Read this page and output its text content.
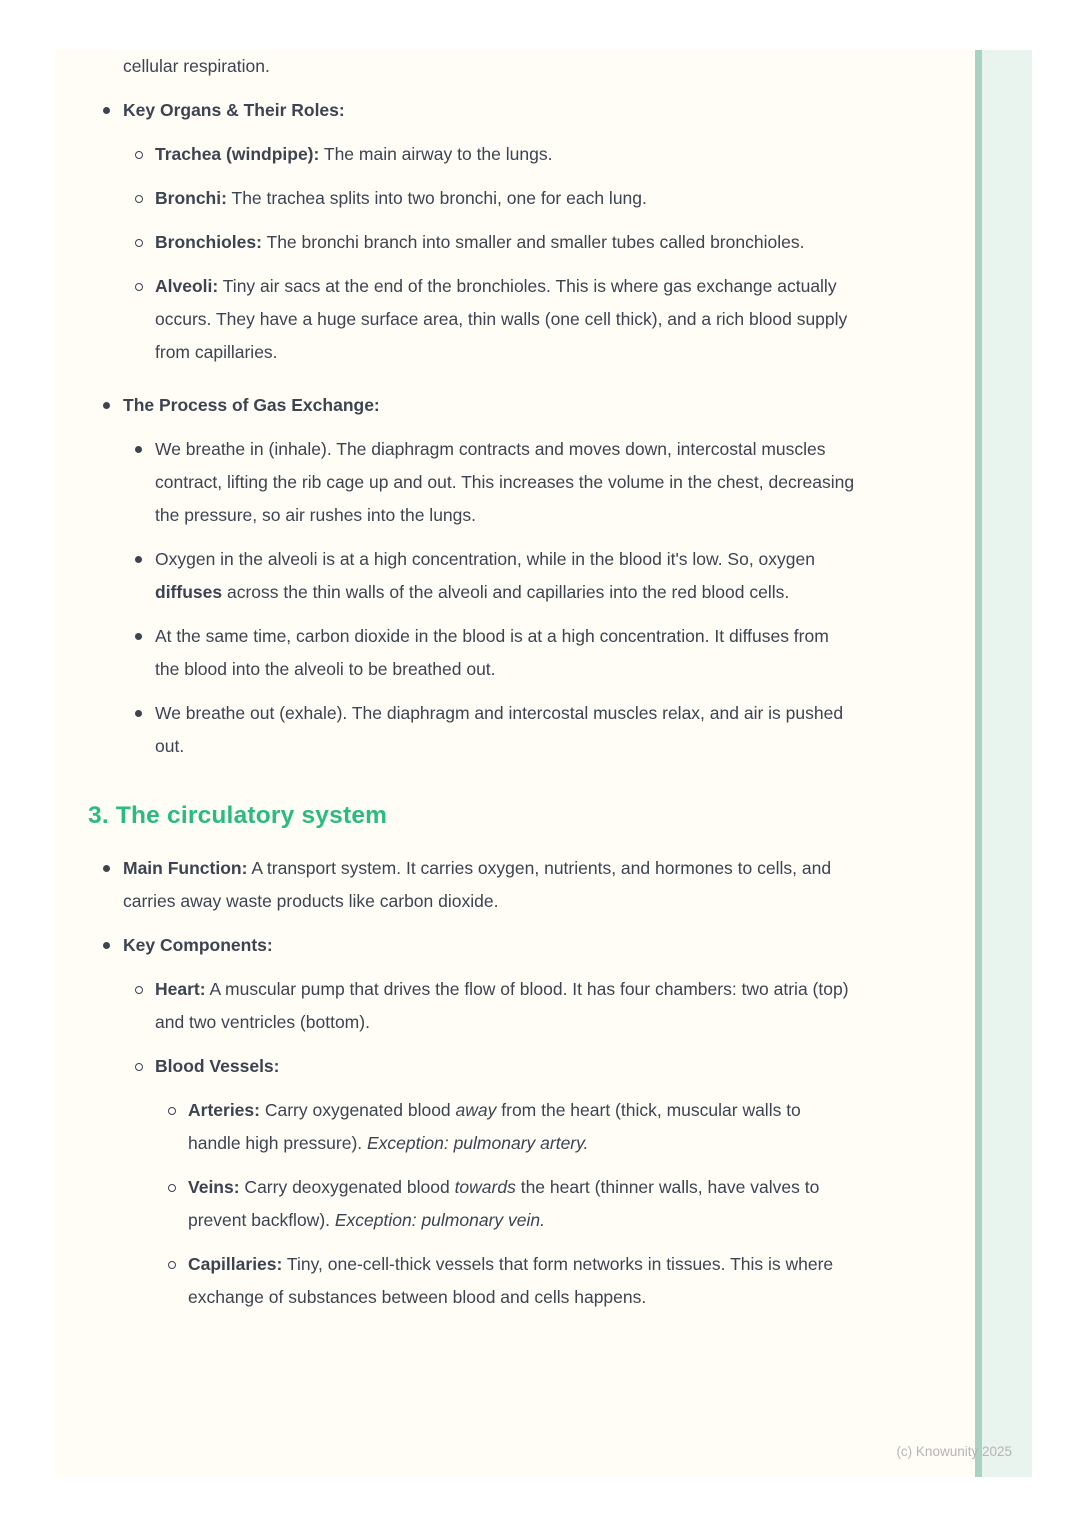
cellular respiration.
Key Organs & Their Roles:
Trachea (windpipe): The main airway to the lungs.
Bronchi: The trachea splits into two bronchi, one for each lung.
Bronchioles: The bronchi branch into smaller and smaller tubes called bronchioles.
Alveoli: Tiny air sacs at the end of the bronchioles. This is where gas exchange actually occurs. They have a huge surface area, thin walls (one cell thick), and a rich blood supply from capillaries.
The Process of Gas Exchange:
We breathe in (inhale). The diaphragm contracts and moves down, intercostal muscles contract, lifting the rib cage up and out. This increases the volume in the chest, decreasing the pressure, so air rushes into the lungs.
Oxygen in the alveoli is at a high concentration, while in the blood it's low. So, oxygen diffuses across the thin walls of the alveoli and capillaries into the red blood cells.
At the same time, carbon dioxide in the blood is at a high concentration. It diffuses from the blood into the alveoli to be breathed out.
We breathe out (exhale). The diaphragm and intercostal muscles relax, and air is pushed out.
3. The circulatory system
Main Function: A transport system. It carries oxygen, nutrients, and hormones to cells, and carries away waste products like carbon dioxide.
Key Components:
Heart: A muscular pump that drives the flow of blood. It has four chambers: two atria (top) and two ventricles (bottom).
Blood Vessels:
Arteries: Carry oxygenated blood away from the heart (thick, muscular walls to handle high pressure). Exception: pulmonary artery.
Veins: Carry deoxygenated blood towards the heart (thinner walls, have valves to prevent backflow). Exception: pulmonary vein.
Capillaries: Tiny, one-cell-thick vessels that form networks in tissues. This is where exchange of substances between blood and cells happens.
(c) Knowunity 2025
